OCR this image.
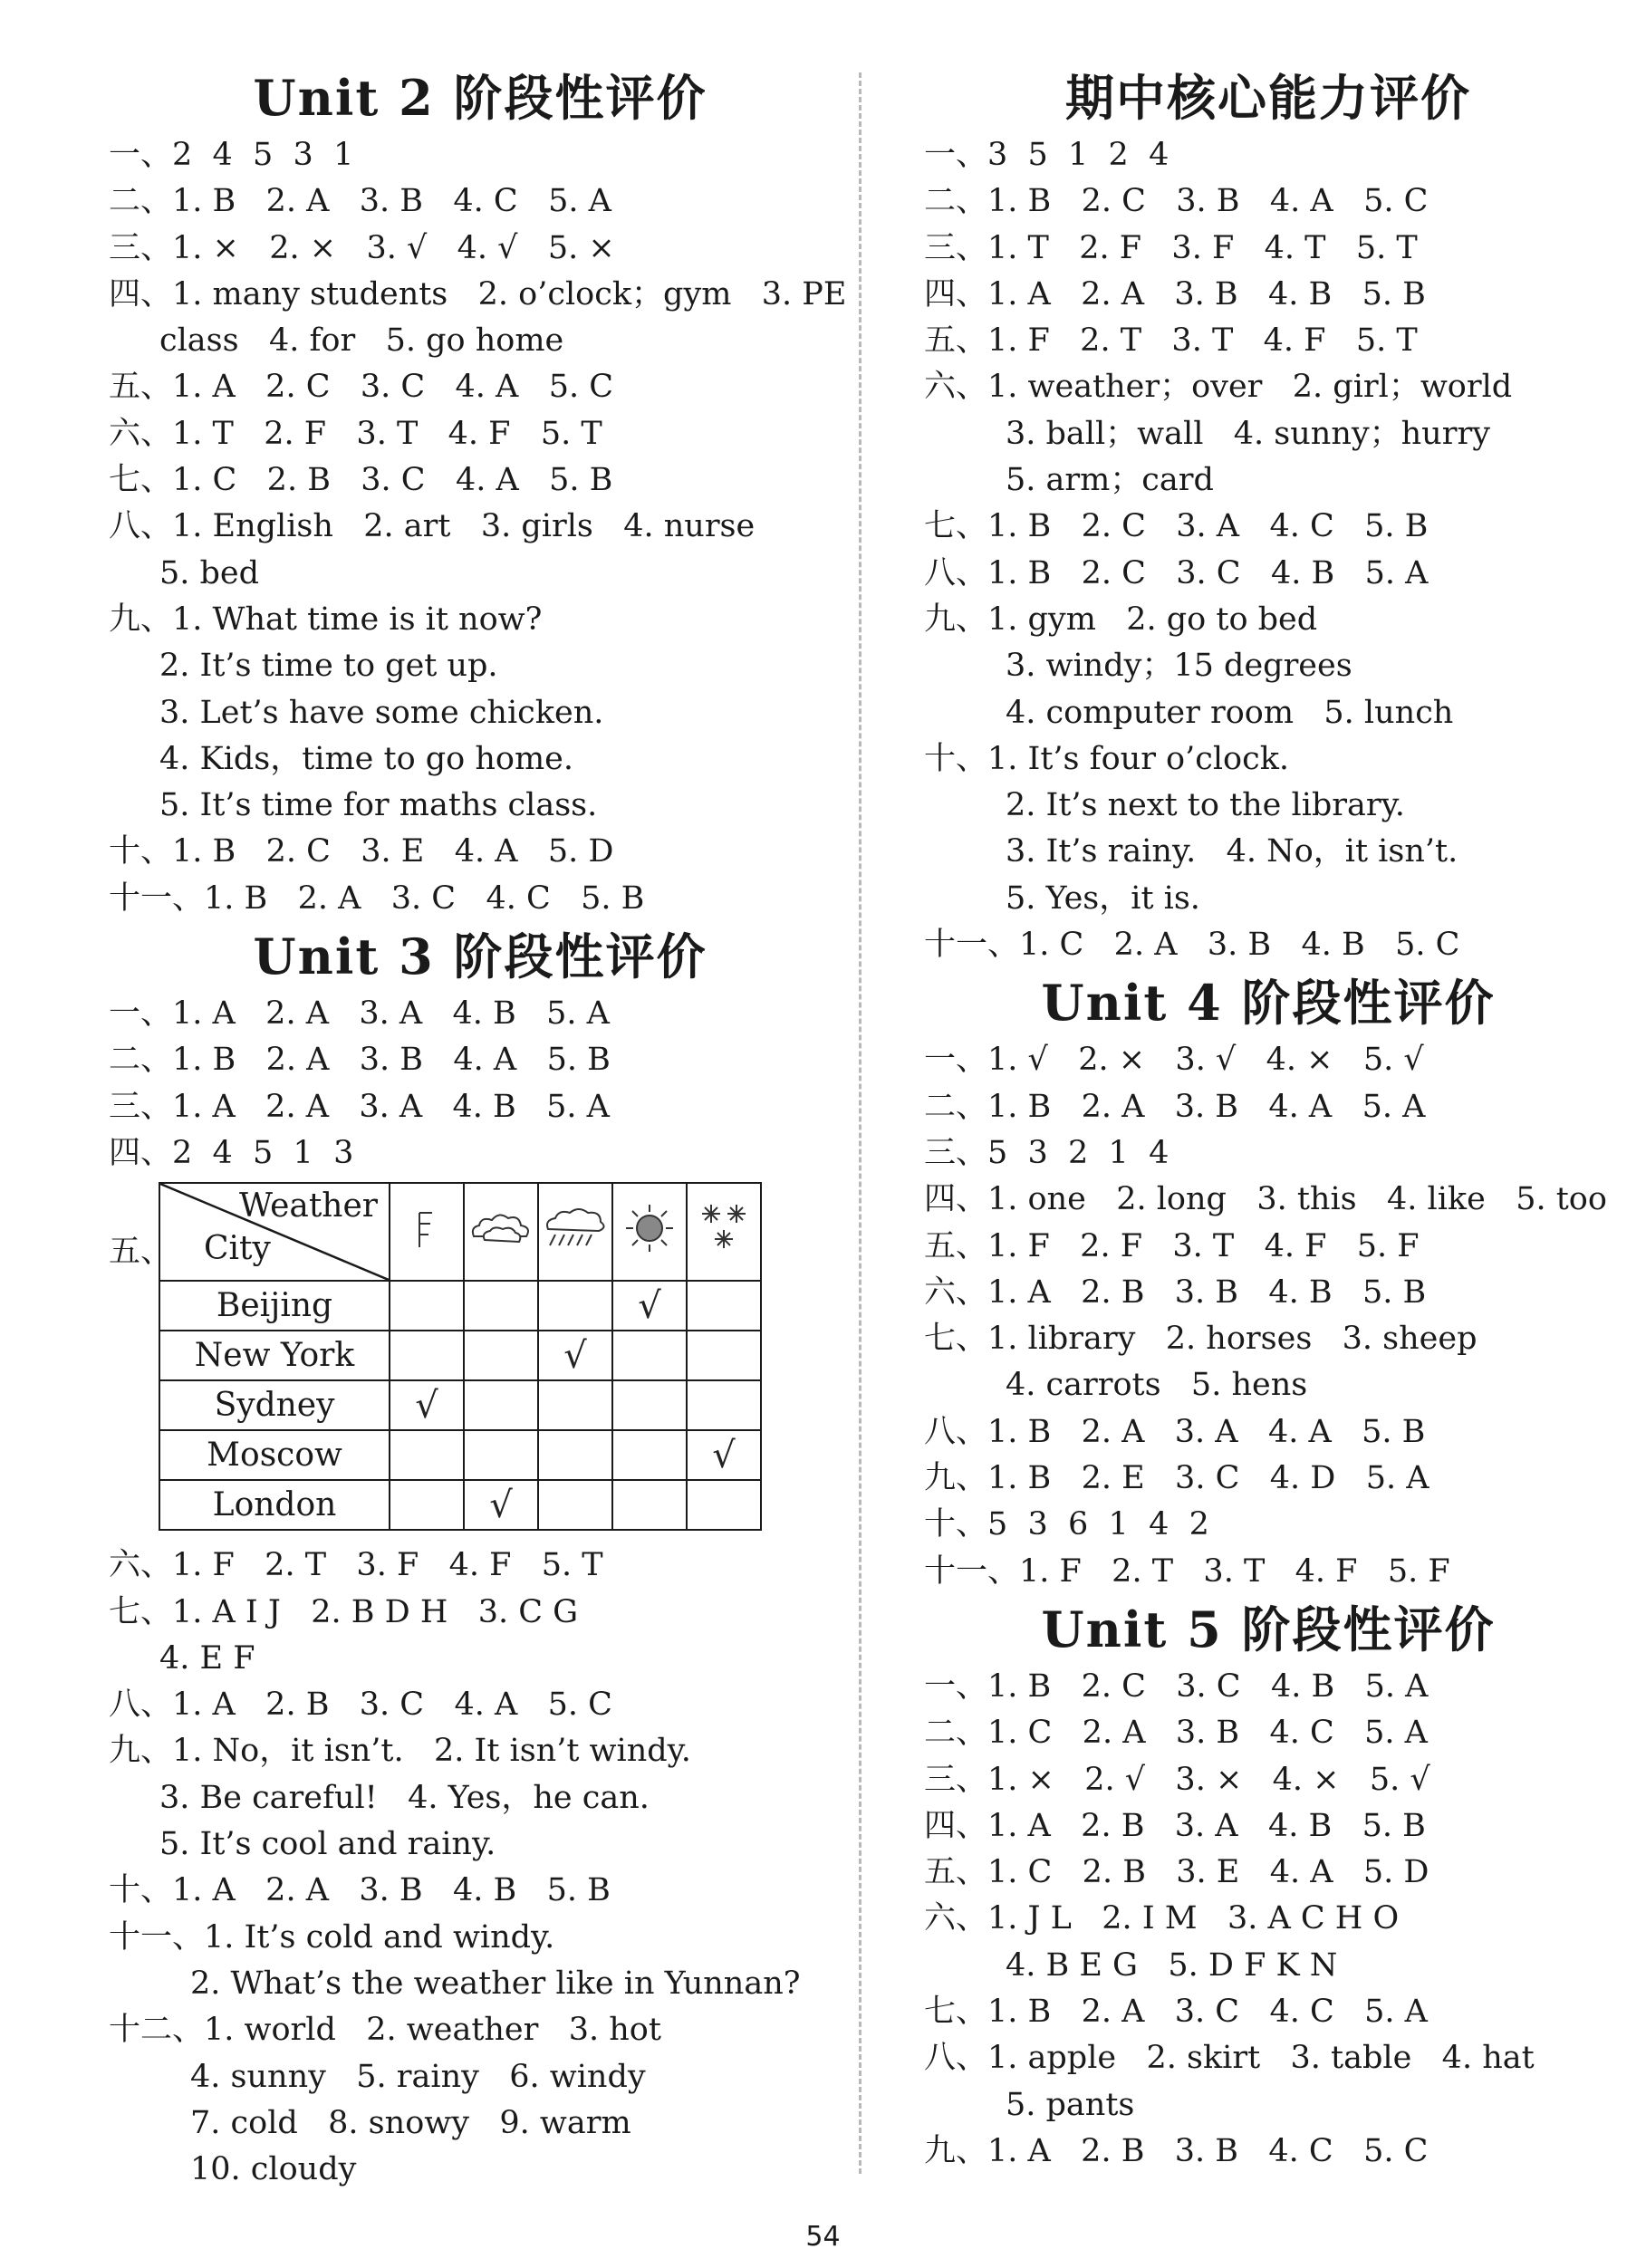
Unit 2 阶段性评价
一、2  4  5  3  1
二、1. B   2. A   3. B   4. C   5. A
三、1. ×   2. ×   3. √   4. √   5. ×
四、1. many students   2. o’clock；gym   3. PE
class   4. for   5. go home
五、1. A   2. C   3. C   4. A   5. C
六、1. T   2. F   3. T   4. F   5. T
七、1. C   2. B   3. C   4. A   5. B
八、1. English   2. art   3. girls   4. nurse
5. bed
九、1. What time is it now?
2. It’s time to get up.
3. Let’s have some chicken.
4. Kids，time to go home.
5. It’s time for maths class.
十、1. B   2. C   3. E   4. A   5. D
十一、1. B   2. A   3. C   4. C   5. B
Unit 3 阶段性评价
一、1. A   2. A   3. A   4. B   5. A
二、1. B   2. A   3. B   4. A   5. B
三、1. A   2. A   3. A   4. B   5. A
四、2  4  5  1  3
五、
Weather
City

Beijing				√	
New York			√		
Sydney	√				
Moscow					√
London		√			
六、1. F   2. T   3. F   4. F   5. T
七、1. A I J   2. B D H   3. C G
4. E F
八、1. A   2. B   3. C   4. A   5. C
九、1. No，it isn’t.   2. It isn’t windy.
3. Be careful!   4. Yes，he can.
5. It’s cool and rainy.
十、1. A   2. A   3. B   4. B   5. B
十一、1. It’s cold and windy.
2. What’s the weather like in Yunnan?
十二、1. world   2. weather   3. hot
4. sunny   5. rainy   6. windy
7. cold   8. snowy   9. warm
10. cloudy
期中核心能力评价
一、3  5  1  2  4
二、1. B   2. C   3. B   4. A   5. C
三、1. T   2. F   3. F   4. T   5. T
四、1. A   2. A   3. B   4. B   5. B
五、1. F   2. T   3. T   4. F   5. T
六、1. weather；over   2. girl；world
3. ball；wall   4. sunny；hurry
5. arm；card
七、1. B   2. C   3. A   4. C   5. B
八、1. B   2. C   3. C   4. B   5. A
九、1. gym   2. go to bed
3. windy；15 degrees
4. computer room   5. lunch
十、1. It’s four o’clock.
2. It’s next to the library.
3. It’s rainy.   4. No，it isn’t.
5. Yes，it is.
十一、1. C   2. A   3. B   4. B   5. C
Unit 4 阶段性评价
一、1. √   2. ×   3. √   4. ×   5. √
二、1. B   2. A   3. B   4. A   5. A
三、5  3  2  1  4
四、1. one   2. long   3. this   4. like   5. too
五、1. F   2. F   3. T   4. F   5. F
六、1. A   2. B   3. B   4. B   5. B
七、1. library   2. horses   3. sheep
4. carrots   5. hens
八、1. B   2. A   3. A   4. A   5. B
九、1. B   2. E   3. C   4. D   5. A
十、5  3  6  1  4  2
十一、1. F   2. T   3. T   4. F   5. F
Unit 5 阶段性评价
一、1. B   2. C   3. C   4. B   5. A
二、1. C   2. A   3. B   4. C   5. A
三、1. ×   2. √   3. ×   4. ×   5. √
四、1. A   2. B   3. A   4. B   5. B
五、1. C   2. B   3. E   4. A   5. D
六、1. J L   2. I M   3. A C H O
4. B E G   5. D F K N
七、1. B   2. A   3. C   4. C   5. A
八、1. apple   2. skirt   3. table   4. hat
5. pants
九、1. A   2. B   3. B   4. C   5. C
54
